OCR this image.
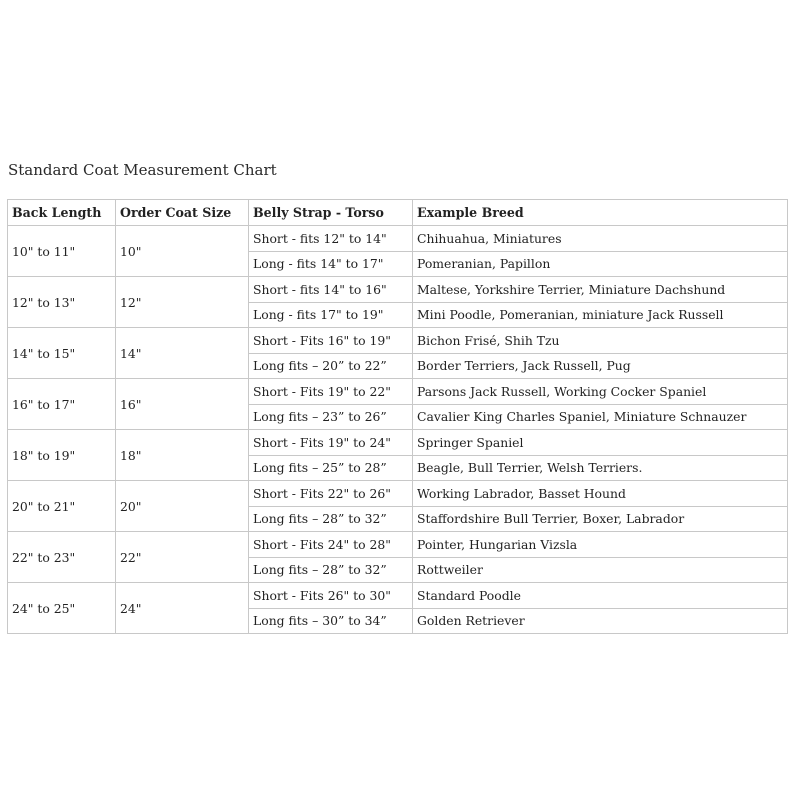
Standard Coat Measurement Chart
Back Length	Order Coat Size	Belly Strap - Torso	Example Breed
10" to 11"	10"	Short - fits 12" to 14"	Chihuahua, Miniatures
		Long - fits 14" to 17"	Pomeranian, Papillon
12" to 13"	12"	Short - fits 14" to 16"	Maltese, Yorkshire Terrier, Miniature Dachshund
		Long - fits 17" to 19"	Mini Poodle, Pomeranian, miniature Jack Russell
14" to 15"	14"	Short - Fits 16" to 19"	Bichon Frisé, Shih Tzu
		Long fits – 20” to 22”	Border Terriers, Jack Russell, Pug
16" to 17"	16"	Short - Fits 19" to 22"	Parsons Jack Russell, Working Cocker Spaniel
		Long fits – 23” to 26”	Cavalier King Charles Spaniel, Miniature Schnauzer
18" to 19"	18"	Short - Fits 19" to 24"	Springer Spaniel
		Long fits – 25” to 28”	Beagle, Bull Terrier, Welsh Terriers.
20" to 21"	20"	Short - Fits 22" to 26"	Working Labrador, Basset Hound
		Long fits – 28” to 32”	Staffordshire Bull Terrier, Boxer, Labrador
22" to 23"	22"	Short - Fits 24" to 28"	Pointer, Hungarian Vizsla
		Long fits – 28” to 32”	Rottweiler
24" to 25"	24"	Short - Fits 26" to 30"	Standard Poodle
		Long fits – 30” to 34”	Golden Retriever
